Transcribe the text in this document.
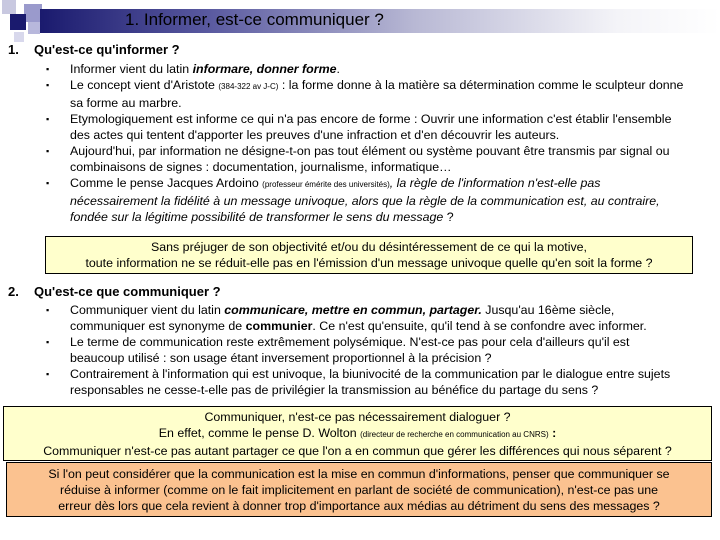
1. Informer, est-ce communiquer ?
1. Qu'est-ce qu'informer ?
▪ Informer vient du latin informare, donner forme.
▪ Le concept vient d'Aristote (384-322 av J-C) : la forme donne à la matière sa détermination comme le sculpteur donne sa forme au marbre.
▪ Etymologiquement est informe ce qui n'a pas encore de forme : Ouvrir une information c'est établir l'ensemble des actes qui tentent d'apporter les preuves d'une infraction et d'en découvrir les auteurs.
▪ Aujourd'hui, par information ne désigne-t-on pas tout élément ou système pouvant être transmis par signal ou combinaisons de signes : documentation, journalisme, informatique…
▪ Comme le pense Jacques Ardoino (professeur émérite des universités), la règle de l'information n'est-elle pas nécessairement la fidélité à un message univoque, alors que la règle de la communication est, au contraire, fondée sur la légitime possibilité de transformer le sens du message ?
Sans préjuger de son objectivité et/ou du désintéressement de ce qui la motive,
toute information ne se réduit-elle pas en l'émission d'un message univoque quelle qu'en soit la forme ?
2. Qu'est-ce que communiquer ?
▪ Communiquer vient du latin communicare, mettre en commun, partager. Jusqu'au 16ème siècle, communiquer est synonyme de communier. Ce n'est qu'ensuite, qu'il tend à se confondre avec informer.
▪ Le terme de communication reste extrêmement polysémique. N'est-ce pas pour cela d'ailleurs qu'il est beaucoup utilisé : son usage étant inversement proportionnel à la précision ?
▪ Contrairement à l'information qui est univoque, la biunivocité de la communication par le dialogue entre sujets responsables ne cesse-t-elle pas de privilégier la transmission au bénéfice du partage du sens ?
Communiquer, n'est-ce pas nécessairement dialoguer ?
En effet, comme le pense D. Wolton (directeur de recherche en communication au CNRS) :
Communiquer n'est-ce pas autant partager ce que l'on a en commun que gérer les différences qui nous séparent ?
Si l'on peut considérer que la communication est la mise en commun d'informations, penser que communiquer se
réduise à informer (comme on le fait implicitement en parlant de société de communication), n'est-ce pas une
erreur dès lors que cela revient à donner trop d'importance aux médias au détriment du sens des messages ?
